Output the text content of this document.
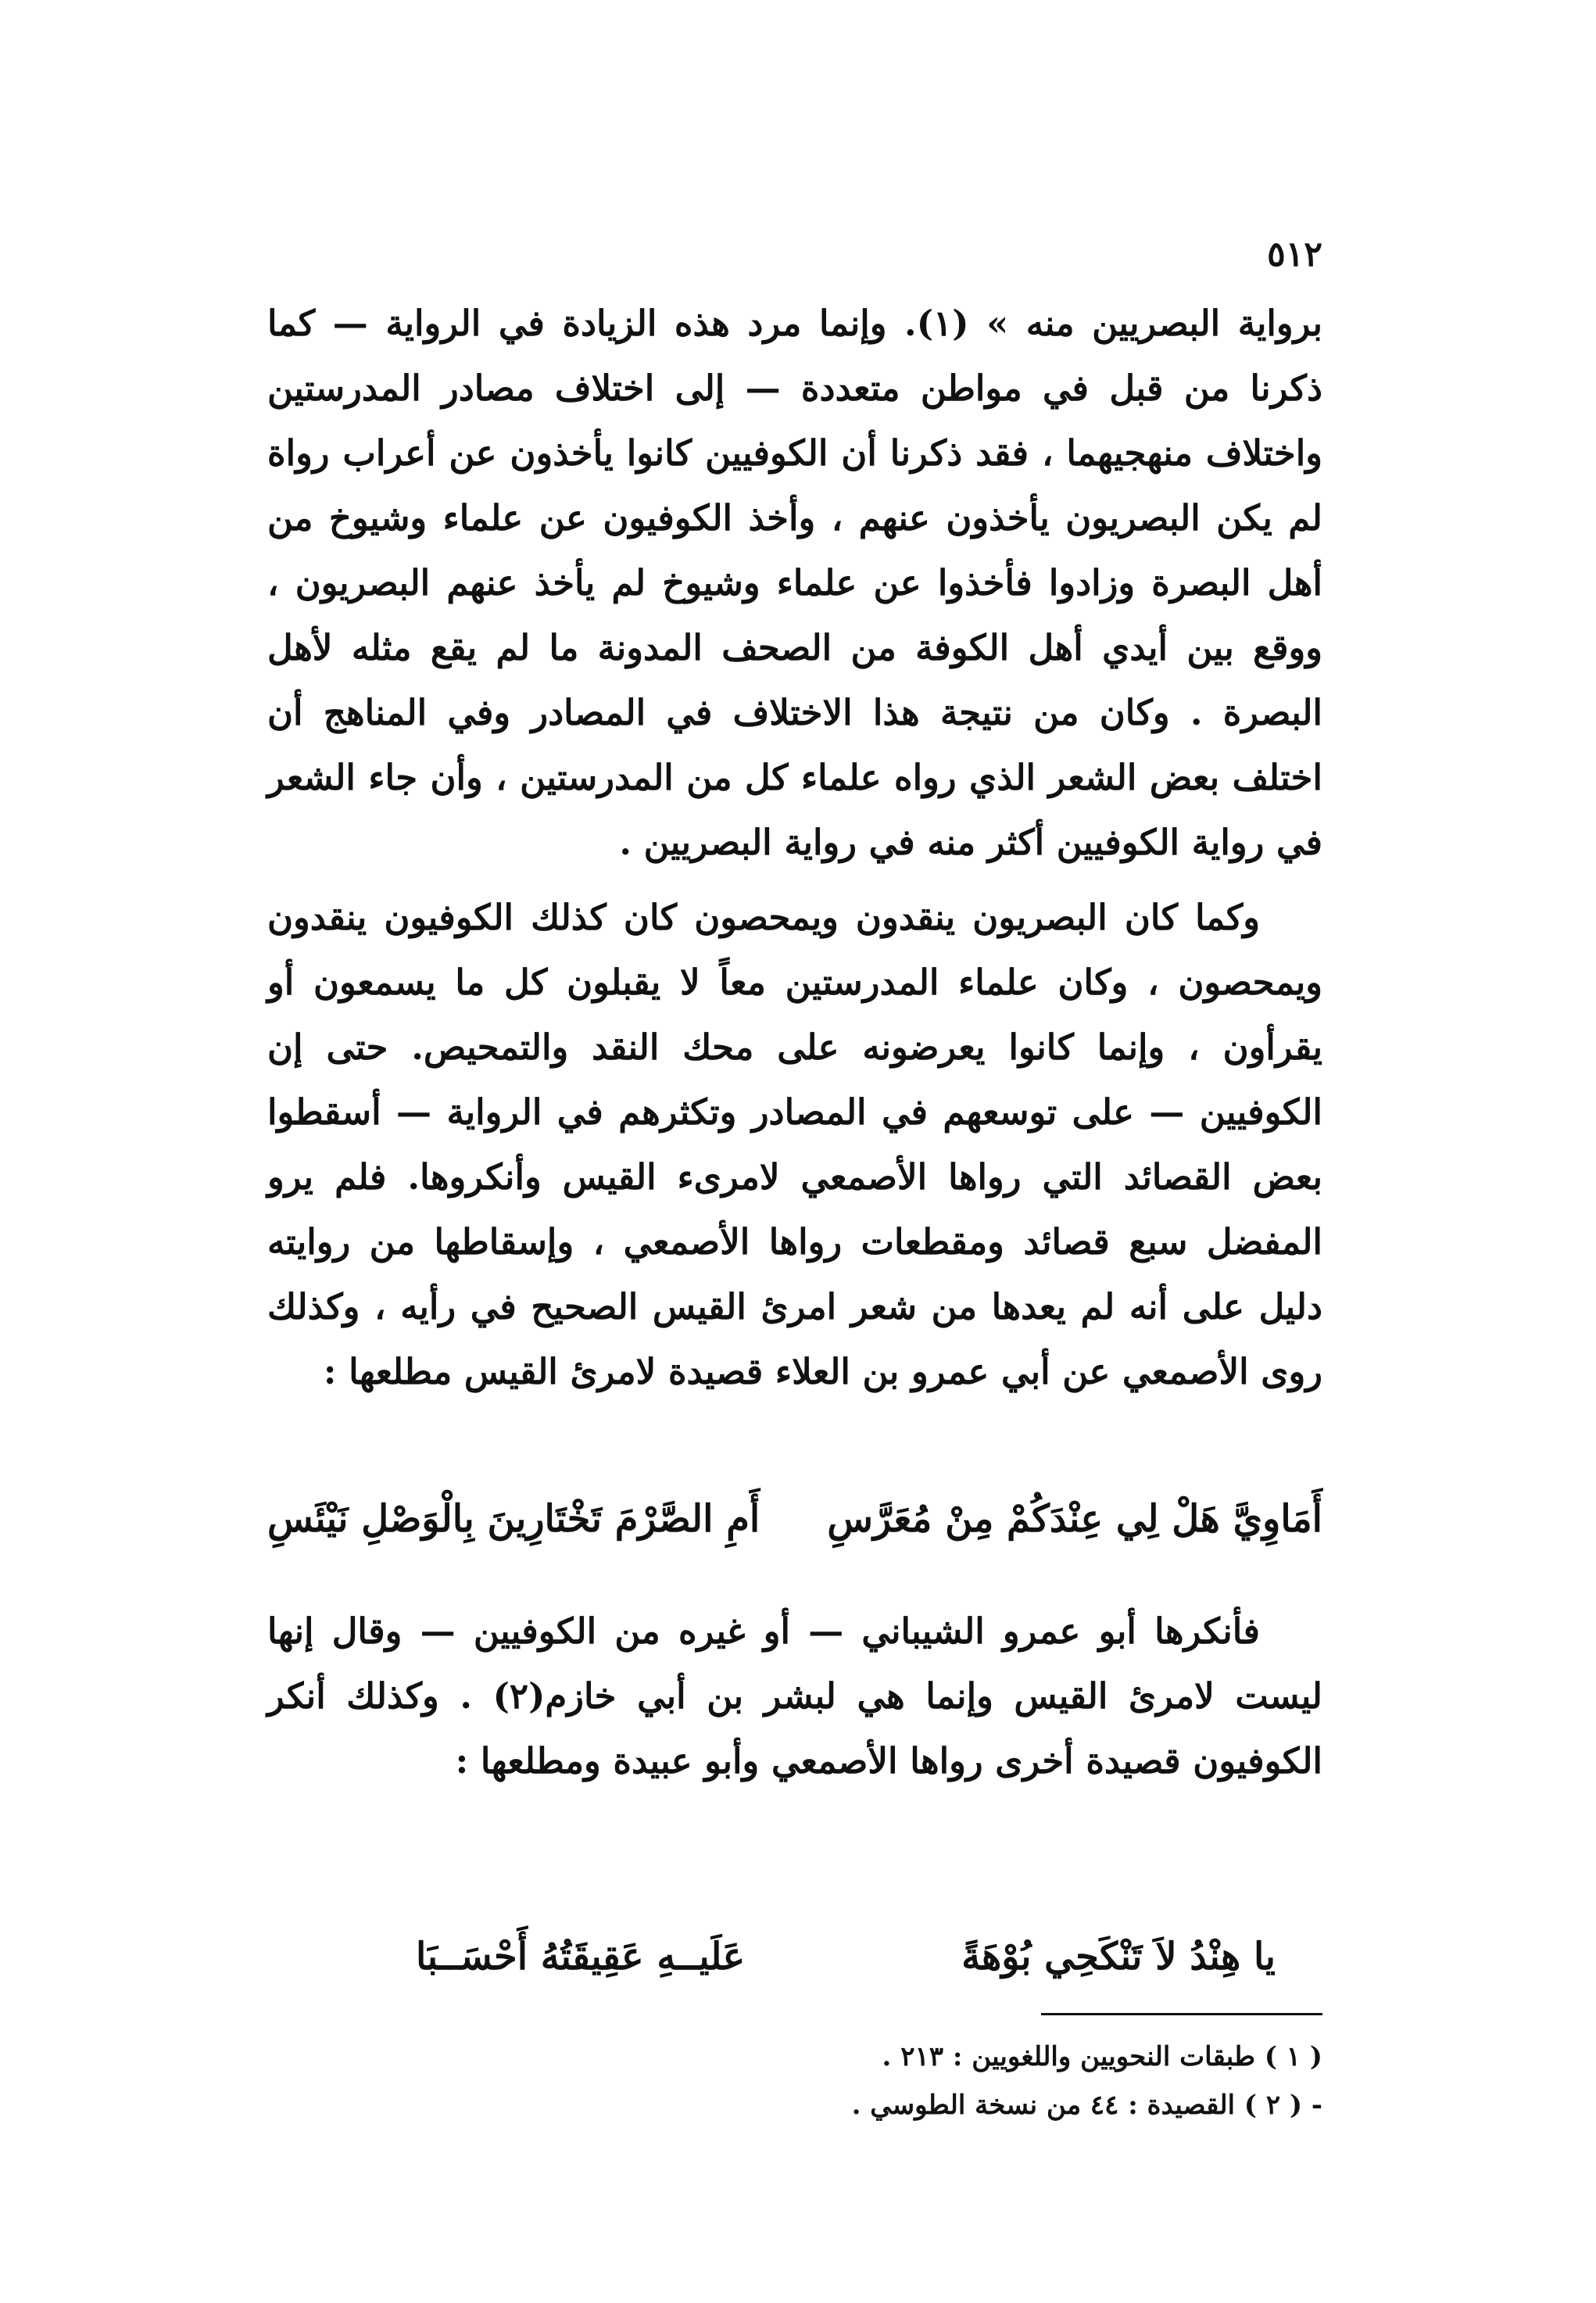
٥١٢

برواية البصريين منه » (١). وإنما مرد هذه الزيادة في الرواية — كما ذكرنا من قبل في مواطن متعددة — إلى اختلاف مصادر المدرستين واختلاف منهجيهما ، فقد ذكرنا أن الكوفيين كانوا يأخذون عن أعراب رواة لم يكن البصريون يأخذون عنهم ، وأخذ الكوفيون عن علماء وشيوخ من أهل البصرة وزادوا فأخذوا عن علماء وشيوخ لم يأخذ عنهم البصريون ، ووقع بين أيدي أهل الكوفة من الصحف المدونة ما لم يقع مثله لأهل البصرة . وكان من نتيجة هذا الاختلاف في المصادر وفي المناهج أن اختلف بعض الشعر الذي رواه علماء كل من المدرستين ، وأن جاء الشعر في رواية الكوفيين أكثر منه في رواية البصريين .

وكما كان البصريون ينقدون ويمحصون كان كذلك الكوفيون ينقدون ويمحصون ، وكان علماء المدرستين معاً لا يقبلون كل ما يسمعون أو يقرأون ، وإنما كانوا يعرضونه على محك النقد والتمحيص. حتى إن الكوفيين — على توسعهم في المصادر وتكثرهم في الرواية — أسقطوا بعض القصائد التي رواها الأصمعي لامرىء القيس وأنكروها. فلم يرو المفضل سبع قصائد ومقطعات رواها الأصمعي ، وإسقاطها من روايته دليل على أنه لم يعدها من شعر امرئ القيس الصحيح في رأيه ، وكذلك روى الأصمعي عن أبي عمرو بن العلاء قصيدة لامرئ القيس مطلعها :

أَمَاوِيَّ هَلْ لِي عِنْدَكُمْ مِنْ مُعَرَّسِ
أَمِ الصَّرْمَ تَخْتَارِينَ بِالْوَصْلِ نَيْئَسِ

فأنكرها أبو عمرو الشيباني — أو غيره من الكوفيين — وقال إنها ليست لامرئ القيس وإنما هي لبشر بن أبي خازم(٢) . وكذلك أنكر الكوفيون قصيدة أخرى رواها الأصمعي وأبو عبيدة ومطلعها :

يا هِنْدُ لاَ تَنْكَحِي بُوْهَةً
عَلَيــهِ عَقِيقَتُهُ أَحْسَــبَا
( ١ ) طبقات النحويين واللغويين : ٢١٣ .
- ( ٢ ) القصيدة : ٤٤ من نسخة الطوسي .
